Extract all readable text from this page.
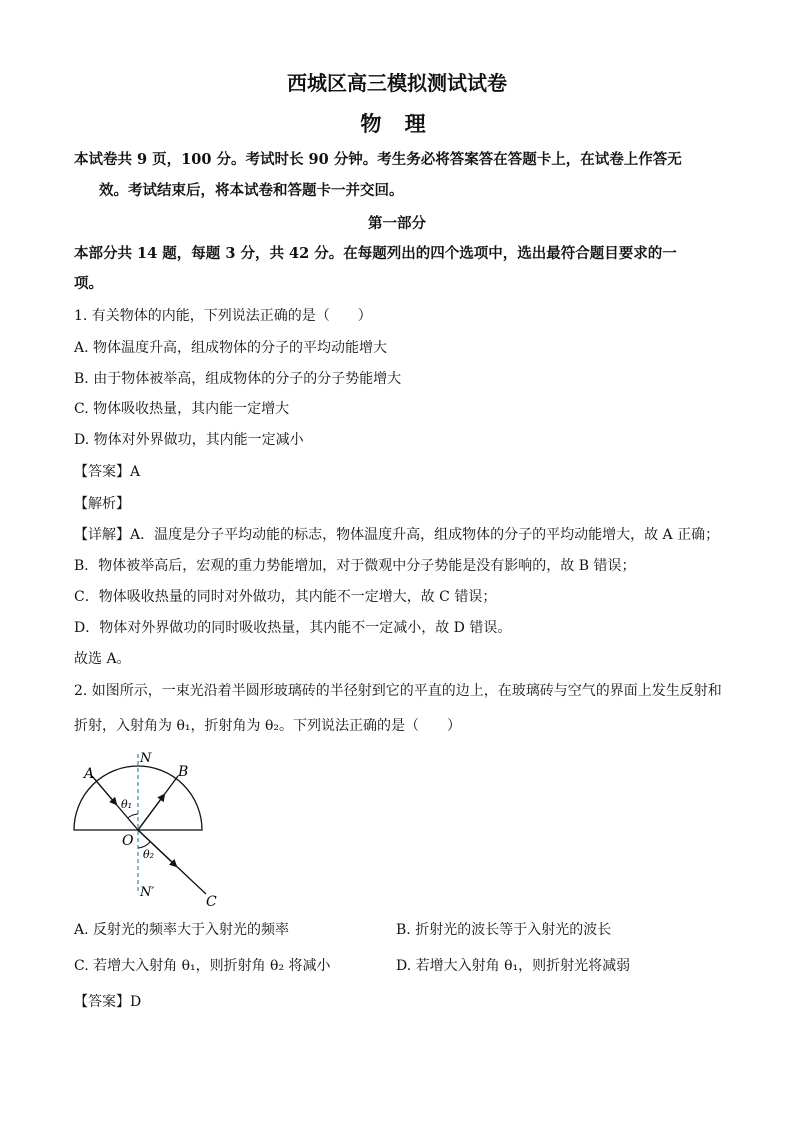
西城区高三模拟测试试卷
物 理
本试卷共 9 页，100 分。考试时长 90 分钟。考生务必将答案答在答题卡上，在试卷上作答无
效。考试结束后，将本试卷和答题卡一并交回。
第一部分
本部分共 14 题，每题 3 分，共 42 分。在每题列出的四个选项中，选出最符合题目要求的一
项。
1. 有关物体的内能，下列说法正确的是（　　）
A. 物体温度升高，组成物体的分子的平均动能增大
B. 由于物体被举高，组成物体的分子的分子势能增大
C. 物体吸收热量，其内能一定增大
D. 物体对外界做功，其内能一定减小
【答案】A
【解析】
【详解】A．温度是分子平均动能的标志，物体温度升高，组成物体的分子的平均动能增大，故 A 正确；
B．物体被举高后，宏观的重力势能增加，对于微观中分子势能是没有影响的，故 B 错误；
C．物体吸收热量的同时对外做功，其内能不一定增大，故 C 错误；
D．物体对外界做功的同时吸收热量，其内能不一定减小，故 D 错误。
故选 A。
2. 如图所示，一束光沿着半圆形玻璃砖的半径射到它的平直的边上，在玻璃砖与空气的界面上发生反射和
折射，入射角为 θ₁，折射角为 θ₂。下列说法正确的是（　　）
A	B
C
N
N′
O
θ₁
θ₂
A. 反射光的频率大于入射光的频率	B. 折射光的波长等于入射光的波长
C. 若增大入射角 θ₁，则折射角 θ₂ 将减小	D. 若增大入射角 θ₁，则折射光将减弱
【答案】D
